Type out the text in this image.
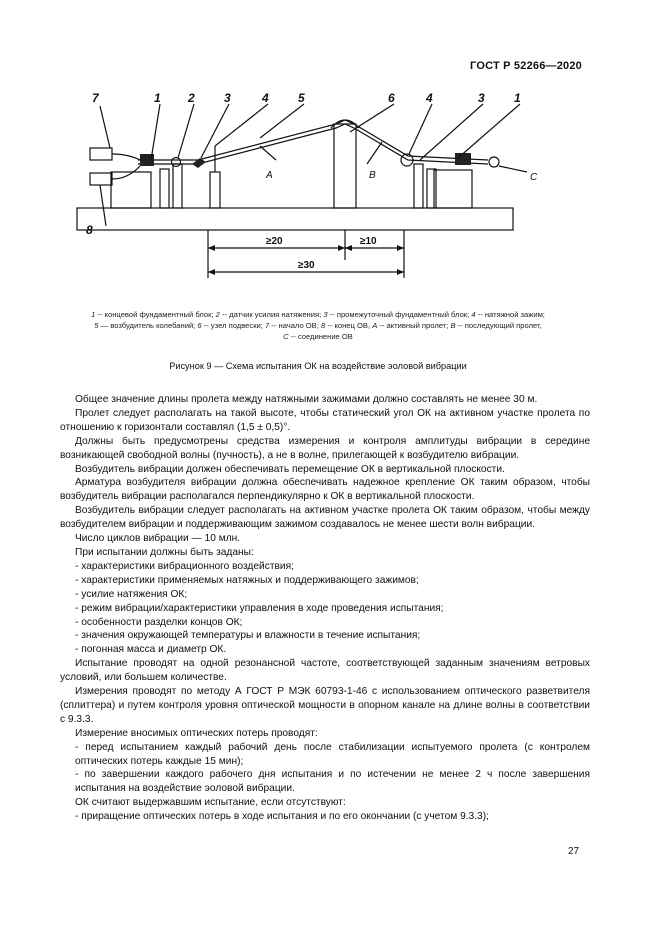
ГОСТ Р 52266—2020
7	1 2 3	4 5	6	4	3 1
8
A	B	C
≥20	≥10
≥30
1 -- концевой фундаментный блок; 2 -- датчик усилия натяжения; 3 -- промежуточный фундаментный блок; 4 -- натяжной зажим;
5 — возбудитель колебаний; 6 -- узел подвески; 7 -- начало ОВ; 8 -- конец ОВ, A -- активный пролет; B -- последующий пролет,
C -- соединение ОВ
Рисунок 9 — Схема испытания ОК на воздействие эоловой вибрации

Общее значение длины пролета между натяжными зажимами должно составлять не менее 30 м.

Пролет следует располагать на такой высоте, чтобы статический угол ОК на активном участке пролета по отношению к горизонтали составлял (1,5 ± 0,5)°.

Должны быть предусмотрены средства измерения и контроля амплитуды вибрации в середине возникающей свободной волны (пучность), а не в волне, прилегающей к возбудителю вибрации.

Возбудитель вибрации должен обеспечивать перемещение ОК в вертикальной плоскости.

Арматура возбудителя вибрации должна обеспечивать надежное крепление ОК таким образом, чтобы возбудитель вибрации располагался перпендикулярно к ОК в вертикальной плоскости.

Возбудитель вибрации следует располагать на активном участке пролета ОК таким образом, чтобы между возбудителем вибрации и поддерживающим зажимом создавалось не менее шести волн вибрации.

Число циклов вибрации — 10 млн.

При испытании должны быть заданы:

- характеристики вибрационного воздействия;

- характеристики применяемых натяжных и поддерживающего зажимов;

- усилие натяжения ОК;

- режим вибрации/характеристики управления в ходе проведения испытания;

- особенности разделки концов ОК;

- значения окружающей температуры и влажности в течение испытания;

- погонная масса и диаметр ОК.

Испытание проводят на одной резонансной частоте, соответствующей заданным значениям ветровых условий, или большем количестве.

Измерения проводят по методу А ГОСТ Р МЭК 60793-1-46 с использованием оптического разветвителя (сплиттера) и путем контроля уровня оптической мощности в опорном канале на длине волны в соответствии с 9.3.3.

Измерение вносимых оптических потерь проводят:

- перед испытанием каждый рабочий день после стабилизации испытуемого пролета (с контролем оптических потерь каждые 15 мин);

- по завершении каждого рабочего дня испытания и по истечении не менее 2 ч после завершения испытания на воздействие эоловой вибрации.

ОК считают выдержавшим испытание, если отсутствуют:

- приращение оптических потерь в ходе испытания и по его окончании (с учетом 9.3.3);

27
